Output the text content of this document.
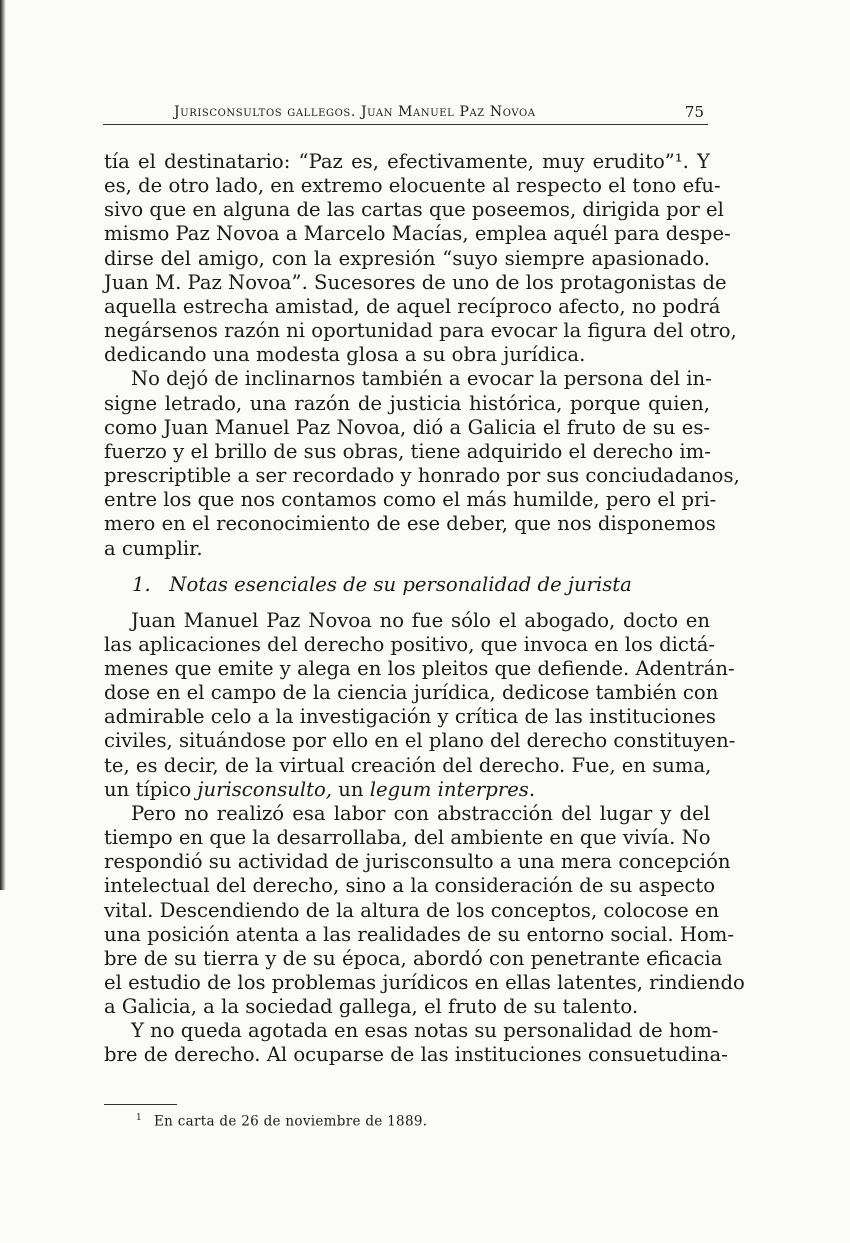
Jurisconsultos gallegos. Juan Manuel Paz Novoa	75
tía el destinatario: “Paz es, efectivamente, muy erudito”¹. Y
es, de otro lado, en extremo elocuente al respecto el tono efu-
sivo que en alguna de las cartas que poseemos, dirigida por el
mismo Paz Novoa a Marcelo Macías, emplea aquél para despe-
dirse del amigo, con la expresión “suyo siempre apasionado.
Juan M. Paz Novoa”. Sucesores de uno de los protagonistas de
aquella estrecha amistad, de aquel recíproco afecto, no podrá
negársenos razón ni oportunidad para evocar la figura del otro,
dedicando una modesta glosa a su obra jurídica.
No dejó de inclinarnos también a evocar la persona del in-
signe letrado, una razón de justicia histórica, porque quien,
como Juan Manuel Paz Novoa, dió a Galicia el fruto de su es-
fuerzo y el brillo de sus obras, tiene adquirido el derecho im-
prescriptible a ser recordado y honrado por sus conciudadanos,
entre los que nos contamos como el más humilde, pero el pri-
mero en el reconocimiento de ese deber, que nos disponemos
a cumplir.
1. Notas esenciales de su personalidad de jurista
Juan Manuel Paz Novoa no fue sólo el abogado, docto en
las aplicaciones del derecho positivo, que invoca en los dictá-
menes que emite y alega en los pleitos que defiende. Adentrán-
dose en el campo de la ciencia jurídica, dedicose también con
admirable celo a la investigación y crítica de las instituciones
civiles, situándose por ello en el plano del derecho constituyen-
te, es decir, de la virtual creación del derecho. Fue, en suma,
un típico jurisconsulto, un legum interpres.
Pero no realizó esa labor con abstracción del lugar y del
tiempo en que la desarrollaba, del ambiente en que vivía. No
respondió su actividad de jurisconsulto a una mera concepción
intelectual del derecho, sino a la consideración de su aspecto
vital. Descendiendo de la altura de los conceptos, colocose en
una posición atenta a las realidades de su entorno social. Hom-
bre de su tierra y de su época, abordó con penetrante eficacia
el estudio de los problemas jurídicos en ellas latentes, rindiendo
a Galicia, a la sociedad gallega, el fruto de su talento.
Y no queda agotada en esas notas su personalidad de hom-
bre de derecho. Al ocuparse de las instituciones consuetudina-
$^1$ En carta de 26 de noviembre de 1889.
